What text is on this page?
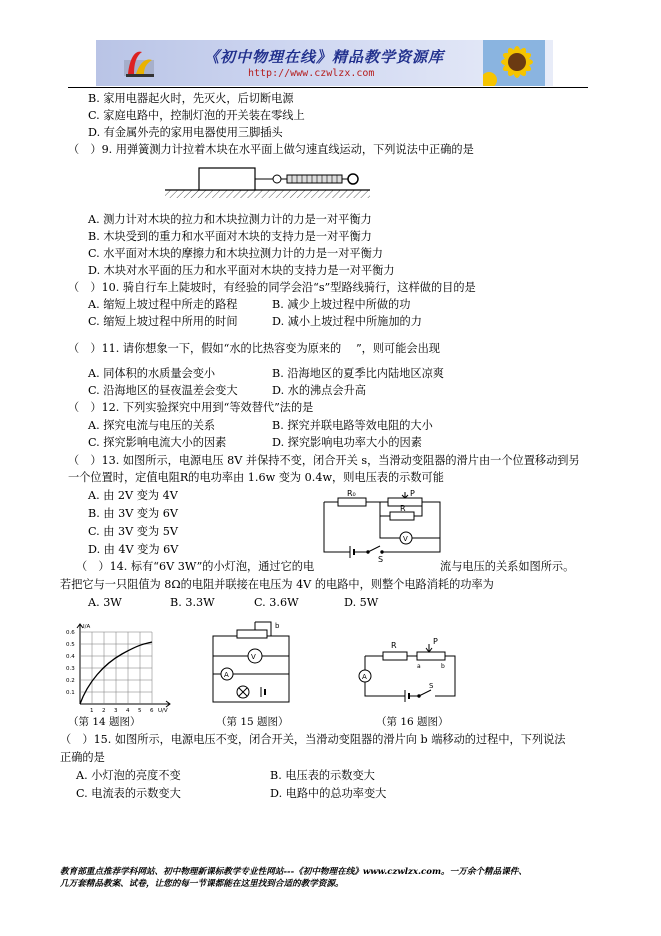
《初中物理在线》精品教学资源库
http://www.czwlzx.com
B. 家用电器起火时，先灭火，后切断电源
C. 家庭电路中，控制灯泡的开关装在零线上
D. 有金属外壳的家用电器使用三脚插头
（　）9. 用弹簧测力计拉着木块在水平面上做匀速直线运动，下列说法中正确的是
A. 测力计对木块的拉力和木块拉测力计的力是一对平衡力
B. 木块受到的重力和水平面对木块的支持力是一对平衡力
C. 水平面对木块的摩擦力和木块拉测力计的力是一对平衡力
D. 木块对水平面的压力和水平面对木块的支持力是一对平衡力
（　）10. 骑自行车上陡坡时，有经验的同学会沿“s”型路线骑行，这样做的目的是
A. 缩短上坡过程中所走的路程	B. 减少上坡过程中所做的功
C. 缩短上坡过程中所用的时间	D. 减小上坡过程中所施加的力
（　）11. 请你想象一下，假如“水的比热容变为原来的　 ”，则可能会出现
A. 同体积的水质量会变小	B. 沿海地区的夏季比内陆地区凉爽
C. 沿海地区的昼夜温差会变大	D. 水的沸点会升高
（　）12. 下列实验探究中用到“等效替代”法的是
A. 探究电流与电压的关系	B. 探究并联电路等效电阻的大小
C. 探究影响电流大小的因素	D. 探究影响电功率大小的因素
（　）13. 如图所示，电源电压 8V 并保持不变，闭合开关 s，当滑动变阻器的滑片由一个位置移动到另
一个位置时，定值电阻R的电功率由 1.6w 变为 0.4w，则电压表的示数可能
A. 由 2V 变为 4V
B. 由 3V 变为 6V
C. 由 3V 变为 5V
D. 由 4V 变为 6V
R₀	P
R
V
S
（　）14. 标有“6V 3W”的小灯泡，通过它的电	流与电压的关系如图所示。
若把它与一只阻值为 8Ω的电阻并联接在电压为 4V 的电路中，则整个电路消耗的功率为
A. 3W	B. 3.3W	C. 3.6W	D. 5W
I/A
0.6
0.5
0.4
0.3
0.2
0.1
1 2 3 4 5 6 U/V
V
A
b
R	P
a	b
A
S
（第 14 题图）	（第 15 题图）	（第 16 题图）
（　）15. 如图所示，电源电压不变，闭合开关，当滑动变阻器的滑片向 b 端移动的过程中，下列说法
正确的是
A. 小灯泡的亮度不变	B. 电压表的示数变大
C. 电流表的示数变大	D. 电路中的总功率变大
教育部重点推荐学科网站、初中物理新课标教学专业性网站---《初中物理在线》www.czwlzx.com。一万余个精品课件、
几万套精品教案、试卷，让您的每一节课都能在这里找到合适的教学资源。
